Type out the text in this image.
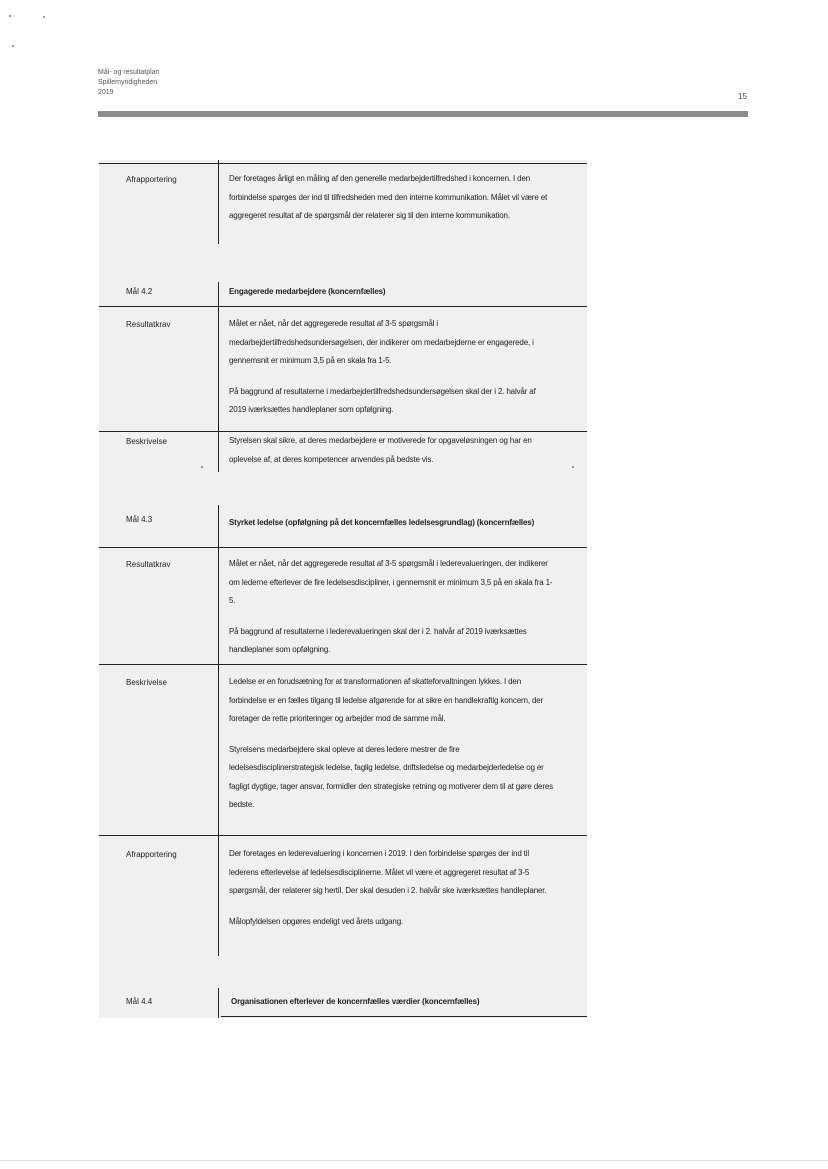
Mål- og resultatplan
Spillemyndigheden
2019	15
Afrapportering	Der foretages årligt en måling af den generelle medarbejdertilfredshed i koncernen. I den forbindelse spørges der ind til tilfredsheden med den interne kommunikation. Målet vil være et aggregeret resultat af de spørgsmål der relaterer sig til den interne kommunikation.

Mål 4.2	Engagerede medarbejdere (koncernfælles)
Resultatkrav	Målet er nået, når det aggregerede resultat af 3-5 spørgsmål i medarbejdertilfredshedsundersøgelsen, der indikerer om medarbejderne er engagerede, i gennemsnit er minimum 3,5 på en skala fra 1-5.

På baggrund af resultaterne i medarbejdertilfredshedsundersøgelsen skal der i 2. halvår af 2019 iværksættes handleplaner som opfølgning.

Beskrivelse	Styrelsen skal sikre, at deres medarbejdere er motiverede for opgaveløsningen og har en oplevelse af, at deres kompetencer anvendes på bedste vis.

Mål 4.3	Styrket ledelse (opfølgning på det koncernfælles ledelsesgrundlag) (koncernfælles)
Resultatkrav	Målet er nået, når det aggregerede resultat af 3-5 spørgsmål i lederevalueringen, der indikerer om lederne efterlever de fire ledelsesdiscipliner, i gennemsnit er minimum 3,5 på en skala fra 1-5.

På baggrund af resultaterne i lederevalueringen skal der i 2. halvår af 2019 iværksættes handleplaner som opfølgning.

Beskrivelse	Ledelse er en forudsætning for at transformationen af skatteforvaltningen lykkes. I den forbindelse er en fælles tilgang til ledelse afgørende for at sikre en handlekraftig koncern, der foretager de rette prioriteringer og arbejder mod de samme mål.

Styrelsens medarbejdere skal opleve at deres ledere mestrer de fire ledelsesdisciplinerstrategisk ledelse, faglig ledelse, driftsledelse og medarbejderledelse og er fagligt dygtige, tager ansvar, formidler den strategiske retning og motiverer dem til at gøre deres bedste.

Afrapportering	Der foretages en lederevaluering i koncernen i 2019. I den forbindelse spørges der ind til lederens efterlevelse af ledelsesdisciplinerne. Målet vil være et aggregeret resultat af 3-5 spørgsmål, der relaterer sig hertil. Der skal desuden i 2. halvår ske iværksættes handleplaner.

Målopfyldelsen opgøres endeligt ved årets udgang.

Mål 4.4	Organisationen efterlever de koncernfælles værdier (koncernfælles)
